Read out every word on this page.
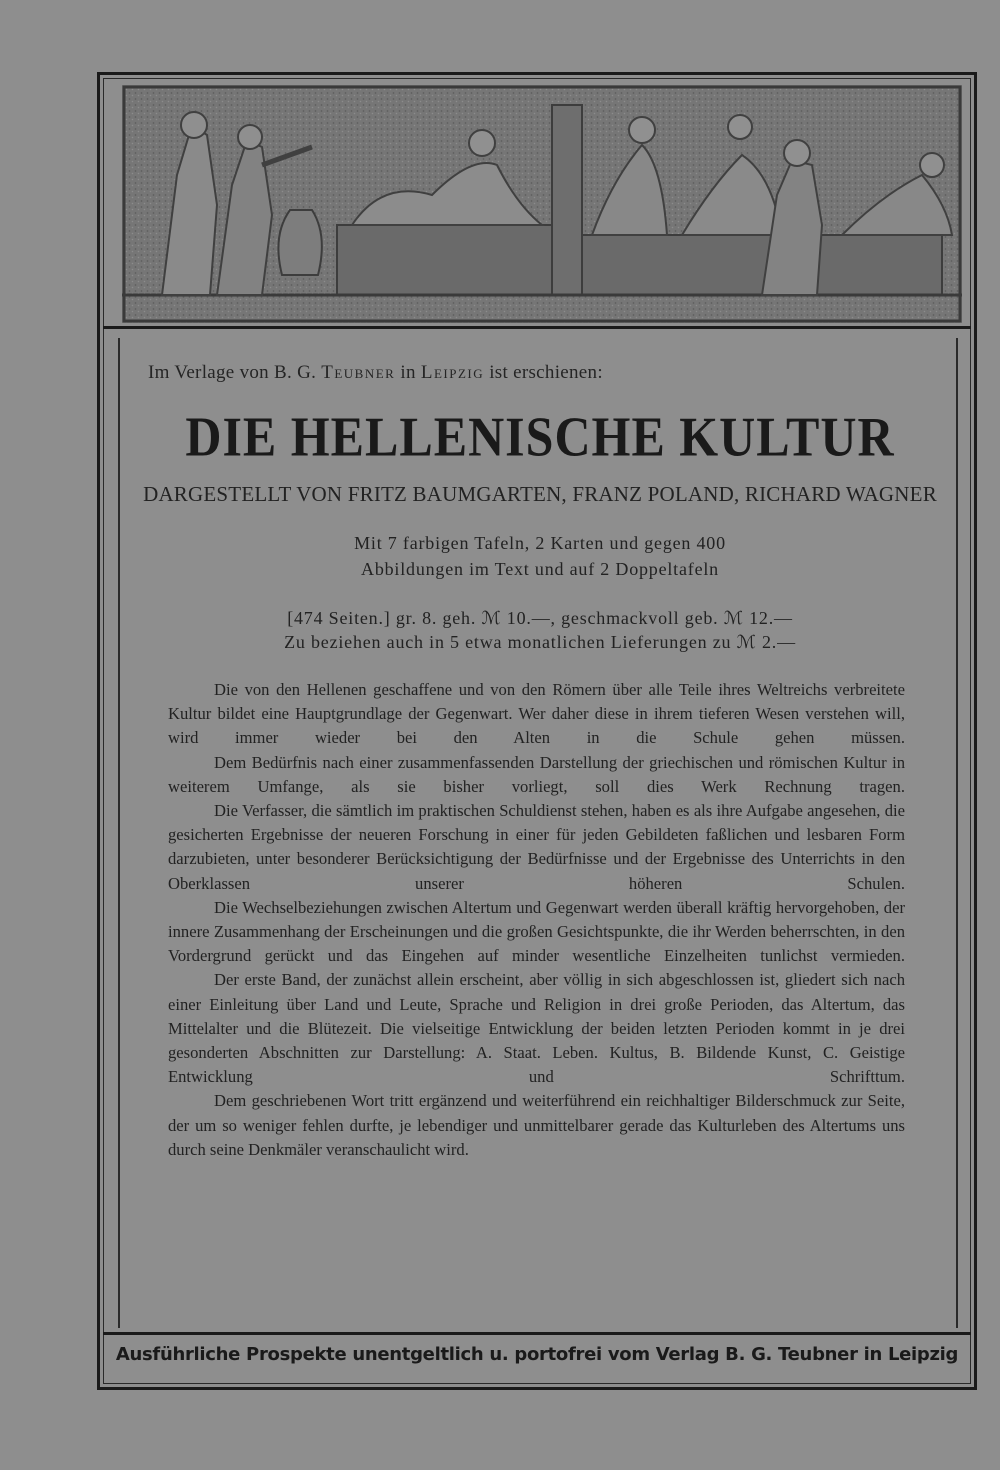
Im Verlage von B. G. Teubner in Leipzig ist erschienen:
DIE HELLENISCHE KULTUR
DARGESTELLT VON FRITZ BAUMGARTEN, FRANZ POLAND, RICHARD WAGNER
Mit 7 farbigen Tafeln, 2 Karten und gegen 400
Abbildungen im Text und auf 2 Doppeltafeln
[474 Seiten.] gr. 8. geh. ℳ 10.—, geschmackvoll geb. ℳ 12.—
Zu beziehen auch in 5 etwa monatlichen Lieferungen zu ℳ 2.—

Die von den Hellenen geschaffene und von den Römern über alle Teile ihres Weltreichs verbreitete Kultur bildet eine Hauptgrundlage der Gegenwart. Wer daher diese in ihrem tieferen Wesen verstehen will, wird immer wieder bei den Alten in die Schule gehen müssen.

Dem Bedürfnis nach einer zusammenfassenden Darstellung der griechischen und römischen Kultur in weiterem Umfange, als sie bisher vorliegt, soll dies Werk Rechnung tragen.

Die Verfasser, die sämtlich im praktischen Schuldienst stehen, haben es als ihre Aufgabe angesehen, die gesicherten Ergebnisse der neueren Forschung in einer für jeden Gebildeten faßlichen und lesbaren Form darzubieten, unter besonderer Berücksichtigung der Bedürfnisse und der Ergebnisse des Unterrichts in den Oberklassen unserer höheren Schulen.

Die Wechselbeziehungen zwischen Altertum und Gegenwart werden überall kräftig hervorgehoben, der innere Zusammenhang der Erscheinungen und die großen Gesichtspunkte, die ihr Werden beherrschten, in den Vordergrund gerückt und das Eingehen auf minder wesentliche Einzelheiten tunlichst vermieden.

Der erste Band, der zunächst allein erscheint, aber völlig in sich abgeschlossen ist, gliedert sich nach einer Einleitung über Land und Leute, Sprache und Religion in drei große Perioden, das Altertum, das Mittelalter und die Blütezeit. Die vielseitige Entwicklung der beiden letzten Perioden kommt in je drei gesonderten Abschnitten zur Darstellung: A. Staat. Leben. Kultus, B. Bildende Kunst, C. Geistige Entwicklung und Schrifttum.

Dem geschriebenen Wort tritt ergänzend und weiterführend ein reichhaltiger Bilderschmuck zur Seite, der um so weniger fehlen durfte, je lebendiger und unmittelbarer gerade das Kulturleben des Altertums uns durch seine Denkmäler veranschaulicht wird.

Ausführliche Prospekte unentgeltlich u. portofrei vom Verlag B. G. Teubner in Leipzig
